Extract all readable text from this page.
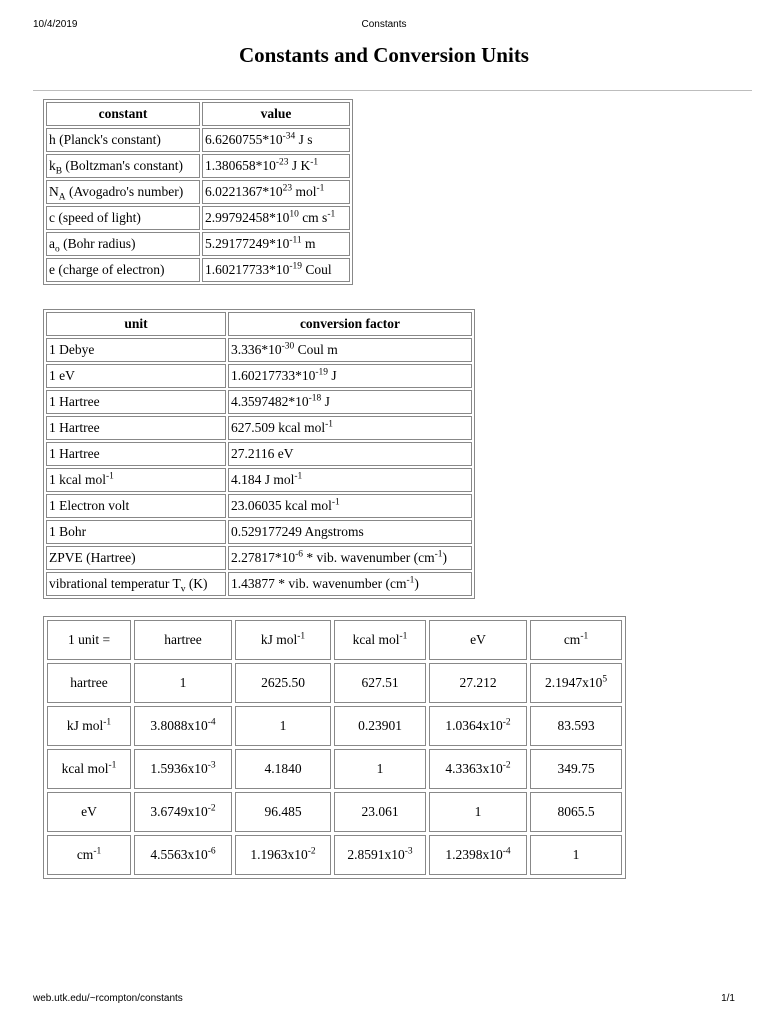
10/4/2019	Constants
Constants and Conversion Units
constant	value
h (Planck's constant)	$6.6260755*10^{-34}$ J s
$k_B$ (Boltzman's constant)	$1.380658*10^{-23}$ J $K^{-1}$
$N_A$ (Avogadro's number)	$6.0221367*10^{23}$ mol$^{-1}$
c (speed of light)	$2.99792458*10^{10}$ cm $s^{-1}$
$a_o$ (Bohr radius)	$5.29177249*10^{-11}$ m
e (charge of electron)	$1.60217733*10^{-19}$ Coul
unit	conversion factor
1 Debye	$3.336*10^{-30}$ Coul m
1 eV	$1.60217733*10^{-19}$ J
1 Hartree	$4.3597482*10^{-18}$ J
1 Hartree	627.509 kcal mol$^{-1}$
1 Hartree	27.2116 eV
1 kcal mol$^{-1}$	4.184 J mol$^{-1}$
1 Electron volt	23.06035 kcal mol$^{-1}$
1 Bohr	0.529177249 Angstroms
ZPVE (Hartree)	$2.27817*10^{-6}$ * vib. wavenumber $(cm^{-1})$
vibrational temperatur $T_v$ (K)	1.43877 * vib. wavenumber $(cm^{-1})$
1 unit =	hartree	kJ mol$^{-1}$	kcal mol$^{-1}$	eV	$cm^{-1}$
hartree	1	2625.50	627.51	27.212	$2.1947x10^5$
kJ mol$^{-1}$	$3.8088x10^{-4}$	1	0.23901	$1.0364x10^{-2}$	83.593
kcal mol$^{-1}$	$1.5936x10^{-3}$	4.1840	1	$4.3363x10^{-2}$	349.75
eV	$3.6749x10^{-2}$	96.485	23.061	1	8065.5
$cm^{-1}$	$4.5563x10^{-6}$	$1.1963x10^{-2}$	$2.8591x10^{-3}$	$1.2398x10^{-4}$	1
web.utk.edu/~rcompton/constants	1/1
